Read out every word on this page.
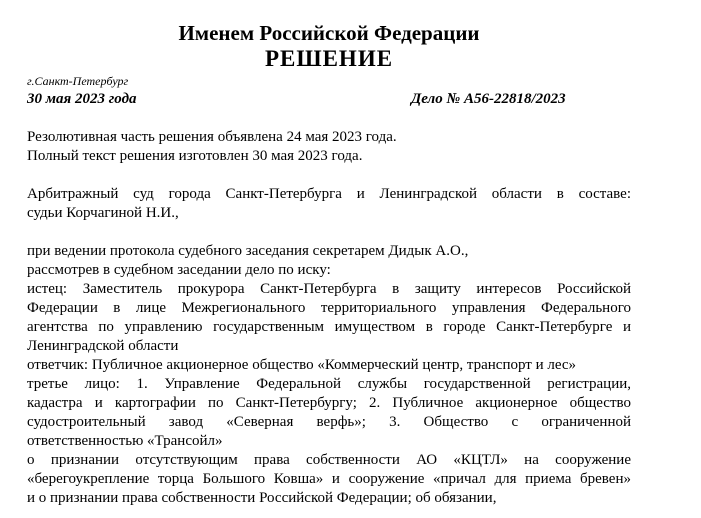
Именем Российской Федерации
РЕШЕНИЕ
г.Санкт-Петербург
30 мая 2023 года	Дело № А56-22818/2023
Резолютивная часть решения объявлена 24 мая 2023 года.
Полный текст решения изготовлен 30 мая 2023 года.
Арбитражный суд города Санкт-Петербурга и Ленинградской области в составе:
судьи Корчагиной Н.И.,
при ведении протокола судебного заседания секретарем Дидык А.О.,
рассмотрев в судебном заседании дело по иску:
истец: Заместитель прокурора Санкт-Петербурга в защиту интересов Российской
Федерации в лице Межрегионального территориального управления Федерального
агентства по управлению государственным имуществом в городе Санкт-Петербурге и
Ленинградской области
ответчик: Публичное акционерное общество «Коммерческий центр, транспорт и лес»
третье лицо: 1. Управление Федеральной службы государственной регистрации,
кадастра и картографии по Санкт-Петербургу; 2. Публичное акционерное общество
судостроительный завод «Северная верфь»; 3. Общество с ограниченной
ответственностью «Трансойл»
о признании отсутствующим права собственности АО «КЦТЛ» на сооружение
«берегоукрепление торца Большого Ковша» и сооружение «причал для приема бревен»
и о признании права собственности Российской Федерации; об обязании,
